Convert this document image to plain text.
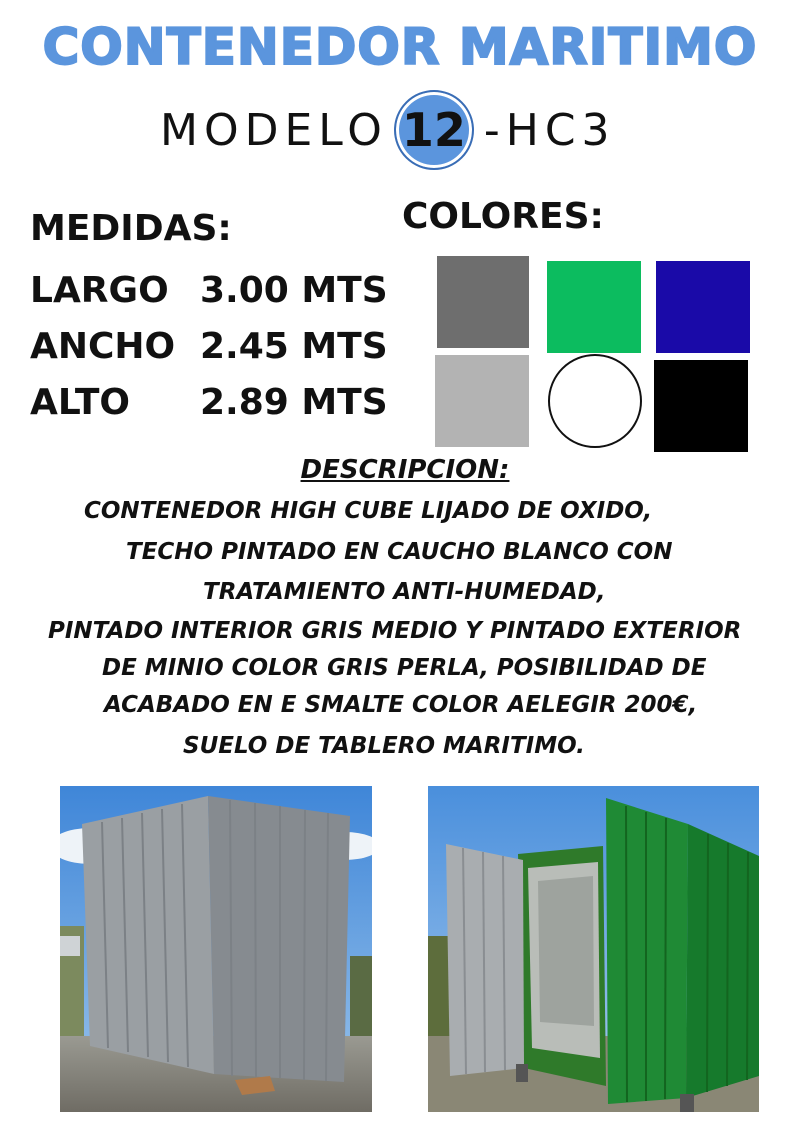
CONTENEDOR MARITIMO
MODELO 12 -HC3
MEDIDAS:
LARGO 3.00 MTS
ANCHO 2.45 MTS
ALTO	2.89 MTS
COLORES:
DESCRIPCION:
CONTENEDOR HIGH CUBE LIJADO DE OXIDO,
TECHO PINTADO EN CAUCHO BLANCO CON
TRATAMIENTO ANTI-HUMEDAD,
PINTADO INTERIOR GRIS MEDIO Y PINTADO EXTERIOR
DE MINIO COLOR GRIS PERLA, POSIBILIDAD DE
ACABADO EN E SMALTE COLOR AELEGIR 200€,
SUELO DE TABLERO MARITIMO.
